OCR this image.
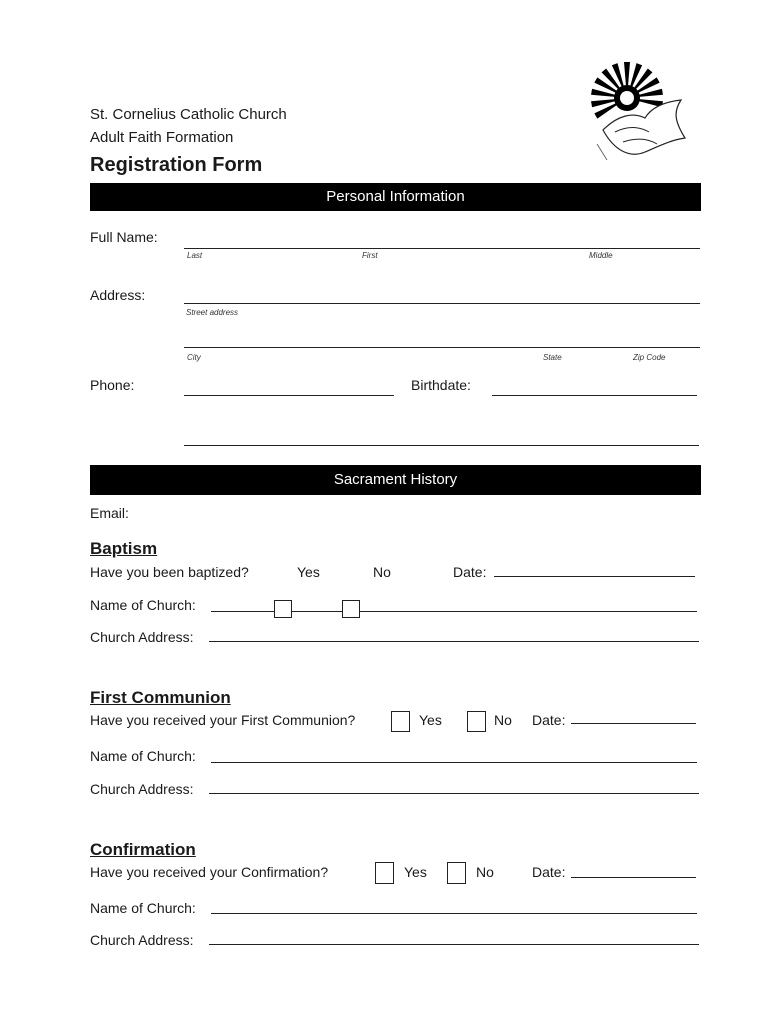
St. Cornelius Catholic Church
Adult Faith Formation
Registration Form
Personal Information
Full Name:
Last	First	Middle
Address:
Street address
City	State	Zip Code
Phone:	Birthdate:
Sacrament History
Email:
Baptism
Have you been baptized?	Yes	No	Date:
Name of Church:
Church Address:
First Communion
Have you received your First Communion?	Yes	No Date:
Name of Church:
Church Address:
Confirmation
Have you received your Confirmation?	Yes	No	Date:
Name of Church:
Church Address:
